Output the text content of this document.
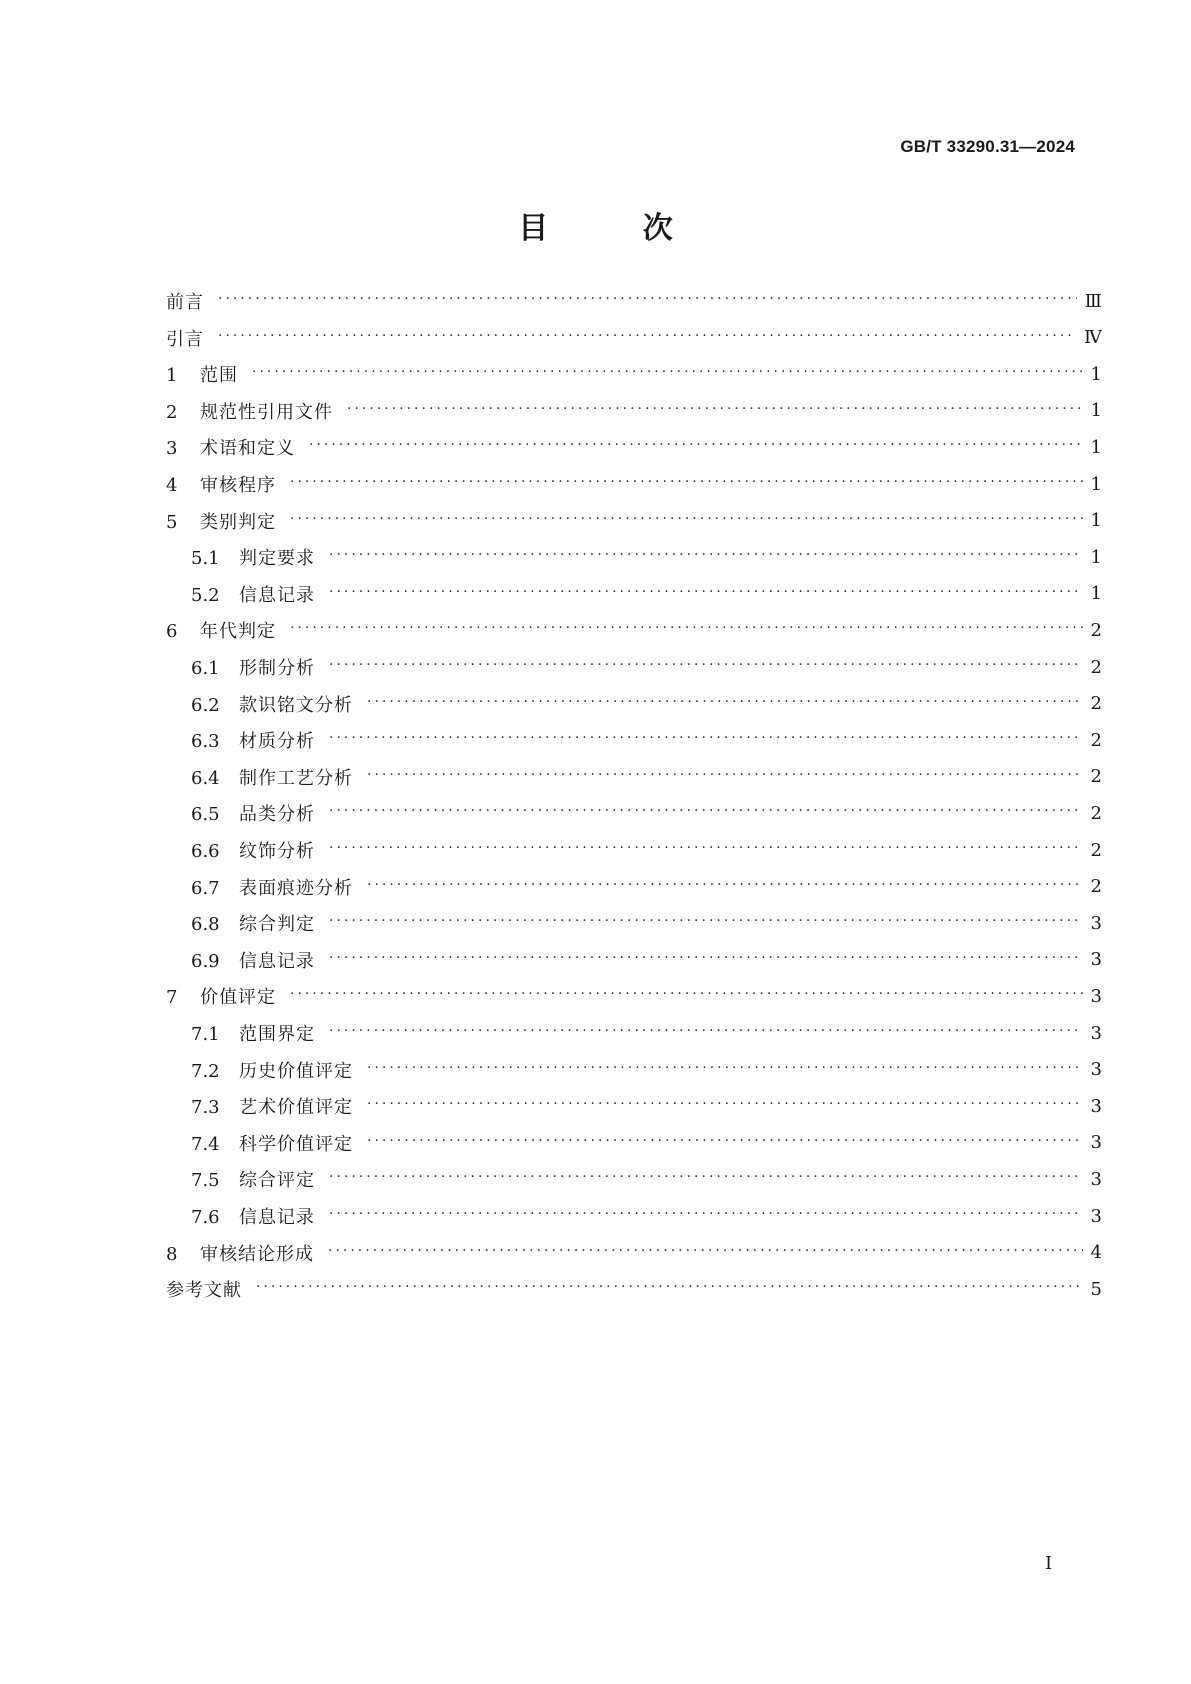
GB/T 33290.31—2024
目 次
前言 ·····	Ⅲ
引言 ·····	Ⅳ
1 范围 ·····	1
2 规范性引用文件 ·····	1
3 术语和定义 ·····	1
4 审核程序 ·····	1
5 类别判定 ·····	1
5.1 判定要求 ·····	1
5.2 信息记录 ·····	1
6 年代判定 ·····	2
6.1 形制分析 ·····	2
6.2 款识铭文分析 ·····	2
6.3 材质分析 ·····	2
6.4 制作工艺分析 ·····	2
6.5 品类分析 ·····	2
6.6 纹饰分析 ·····	2
6.7 表面痕迹分析 ·····	2
6.8 综合判定 ·····	3
6.9 信息记录 ·····	3
7 价值评定 ·····	3
7.1 范围界定 ·····	3
7.2 历史价值评定 ·····	3
7.3 艺术价值评定 ·····	3
7.4 科学价值评定 ·····	3
7.5 综合评定 ·····	3
7.6 信息记录 ·····	3
8 审核结论形成 ·····	4
参考文献 ·····	5
I
